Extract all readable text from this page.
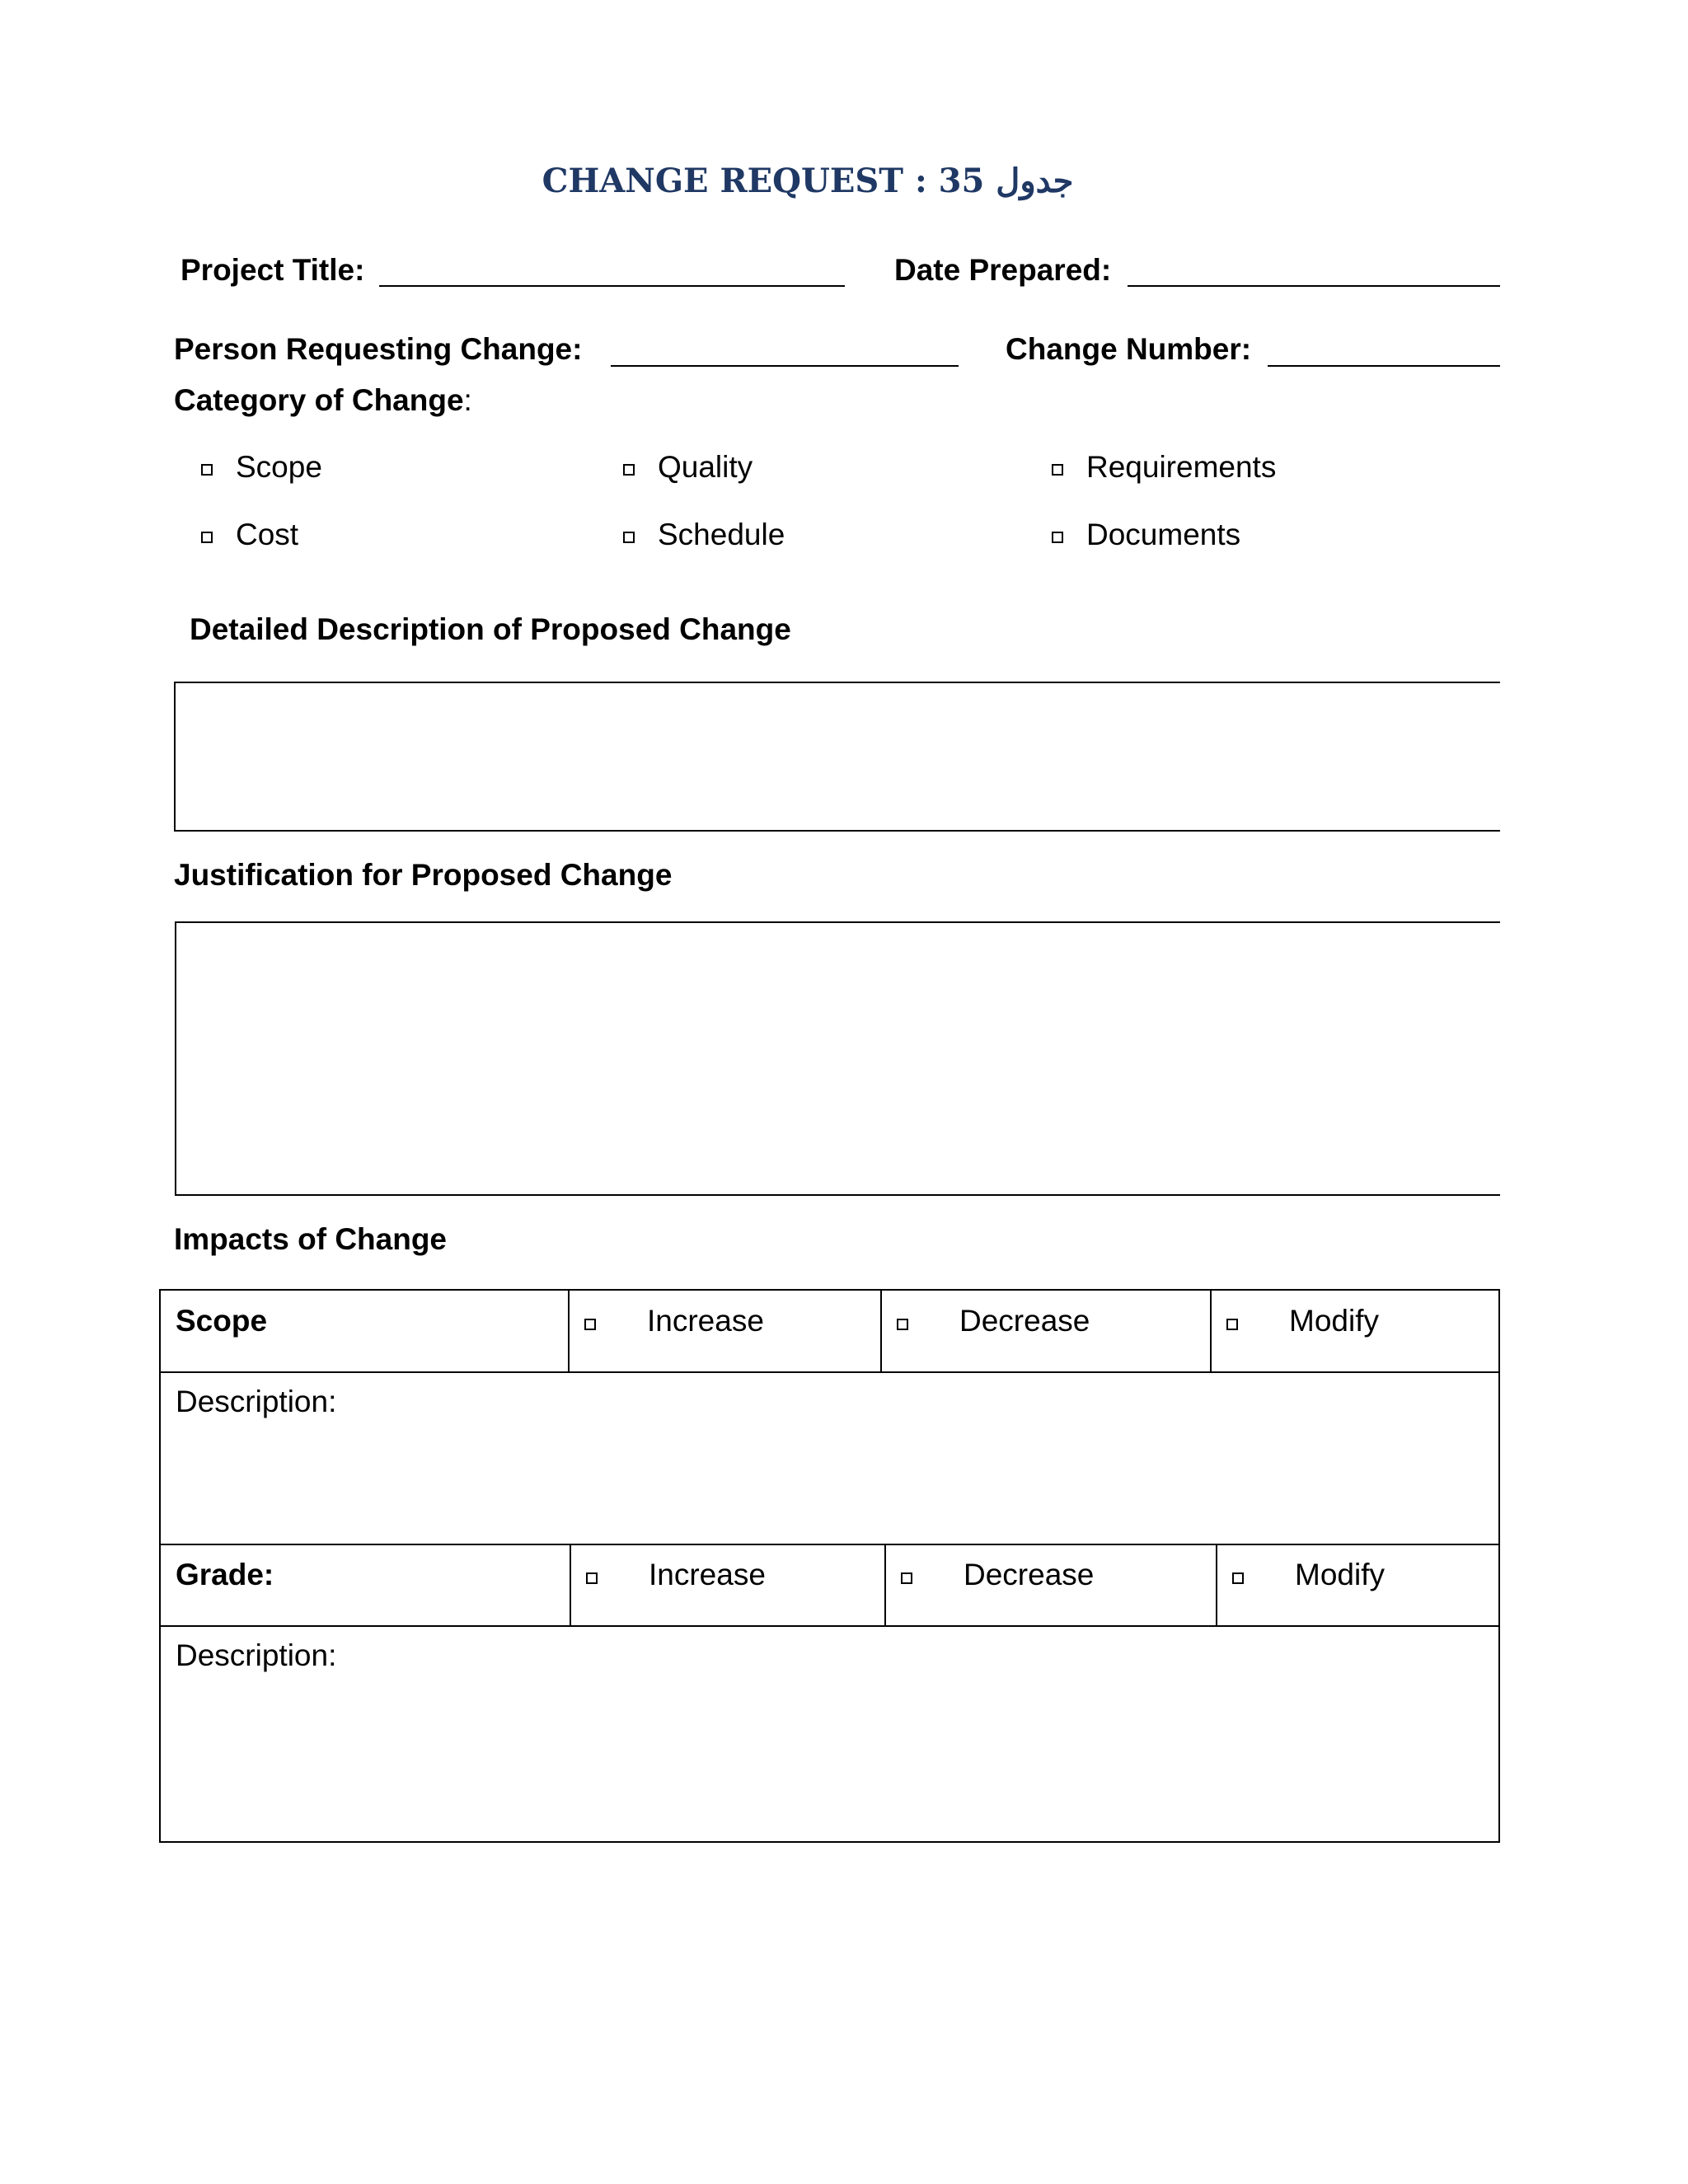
CHANGE REQUEST : 35 جدول
Project Title:	Date Prepared:
Person Requesting Change:	Change Number:
Category of Change:
Scope	Quality	Requirements
Cost	Schedule	Documents
Detailed Description of Proposed Change
Justification for Proposed Change
Impacts of Change
Scope	Increase	Decrease	Modify
Description:
Grade:	Increase	Decrease	Modify
Description:
